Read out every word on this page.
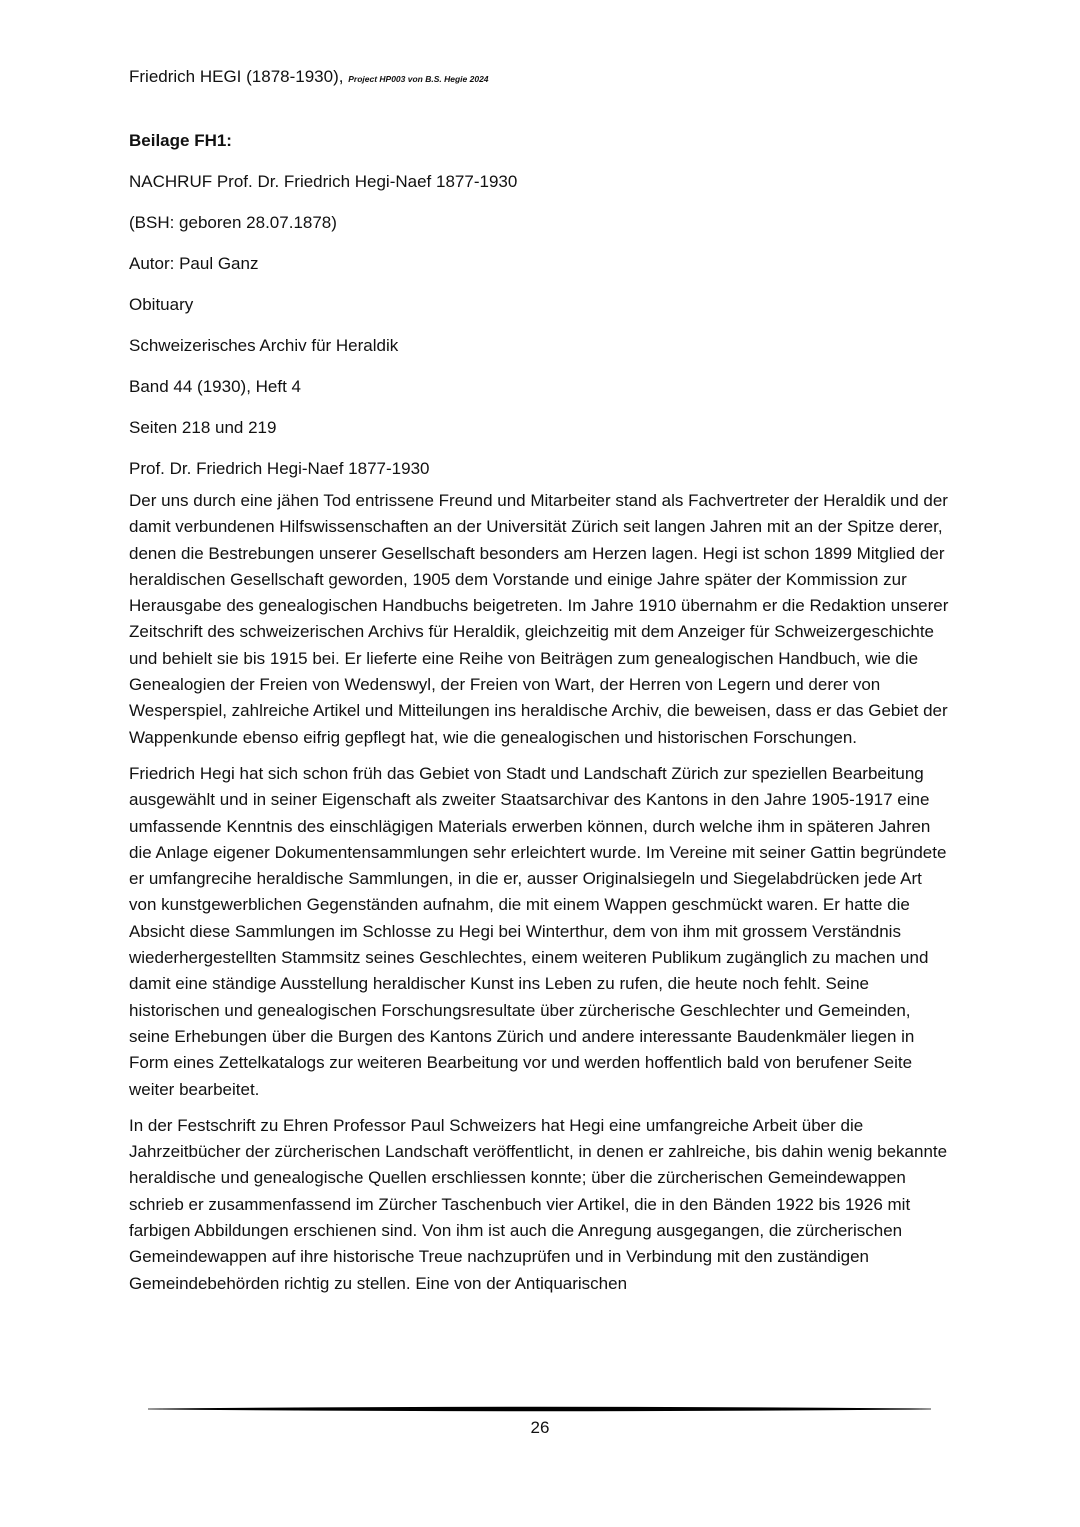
Friedrich HEGI (1878-1930), Project HP003 von B.S. Hegie 2024
Beilage FH1:
NACHRUF Prof. Dr. Friedrich Hegi-Naef 1877-1930
(BSH: geboren 28.07.1878)
Autor: Paul Ganz
Obituary
Schweizerisches Archiv für Heraldik
Band 44 (1930), Heft 4
Seiten 218 und 219
Prof. Dr. Friedrich Hegi-Naef 1877-1930

Der uns durch eine jähen Tod entrissene Freund und Mitarbeiter stand als Fachvertreter der Heraldik und der damit verbundenen Hilfswissenschaften an der Universität Zürich seit langen Jahren mit an der Spitze derer, denen die Bestrebungen unserer Gesellschaft besonders am Herzen lagen. Hegi ist schon 1899 Mitglied der heraldischen Gesellschaft geworden, 1905 dem Vorstande und einige Jahre später der Kommission zur Herausgabe des genealogischen Handbuchs beigetreten. Im Jahre 1910 übernahm er die Redaktion unserer Zeitschrift des schweizerischen Archivs für Heraldik, gleichzeitig mit dem Anzeiger für Schweizergeschichte und behielt sie bis 1915 bei. Er lieferte eine Reihe von Beiträgen zum genealogischen Handbuch, wie die Genealogien der Freien von Wedenswyl, der Freien von Wart, der Herren von Legern und derer von Wesperspiel, zahlreiche Artikel und Mitteilungen ins heraldische Archiv, die beweisen, dass er das Gebiet der Wappenkunde ebenso eifrig gepflegt hat, wie die genealogischen und historischen Forschungen.

Friedrich Hegi hat sich schon früh das Gebiet von Stadt und Landschaft Zürich zur speziellen Bearbeitung ausgewählt und in seiner Eigenschaft als zweiter Staatsarchivar des Kantons in den Jahre 1905-1917 eine umfassende Kenntnis des einschlägigen Materials erwerben können, durch welche ihm in späteren Jahren die Anlage eigener Dokumentensammlungen sehr erleichtert wurde. Im Vereine mit seiner Gattin begründete er umfangrecihe heraldische Sammlungen, in die er, ausser Originalsiegeln und Siegelabdrücken jede Art von kunstgewerblichen Gegenständen aufnahm, die mit einem Wappen geschmückt waren. Er hatte die Absicht diese Sammlungen im Schlosse zu Hegi bei Winterthur, dem von ihm mit grossem Verständnis wiederhergestellten Stammsitz seines Geschlechtes, einem weiteren Publikum zugänglich zu machen und damit eine ständige Ausstellung heraldischer Kunst ins Leben zu rufen, die heute noch fehlt. Seine historischen und genealogischen Forschungsresultate über zürcherische Geschlechter und Gemeinden, seine Erhebungen über die Burgen des Kantons Zürich und andere interessante Baudenkmäler liegen in Form eines Zettelkatalogs zur weiteren Bearbeitung vor und werden hoffentlich bald von berufener Seite weiter bearbeitet.

In der Festschrift zu Ehren Professor Paul Schweizers hat Hegi eine umfangreiche Arbeit über die Jahrzeitbücher der zürcherischen Landschaft veröffentlicht, in denen er zahlreiche, bis dahin wenig bekannte heraldische und genealogische Quellen erschliessen konnte; über die zürcherischen Gemeindewappen schrieb er zusammenfassend im Zürcher Taschenbuch vier Artikel, die in den Bänden 1922 bis 1926 mit farbigen Abbildungen erschienen sind. Von ihm ist auch die Anregung ausgegangen, die zürcherischen Gemeindewappen auf ihre historische Treue nachzuprüfen und in Verbindung mit den zuständigen Gemeindebehörden richtig zu stellen. Eine von der Antiquarischen

26
